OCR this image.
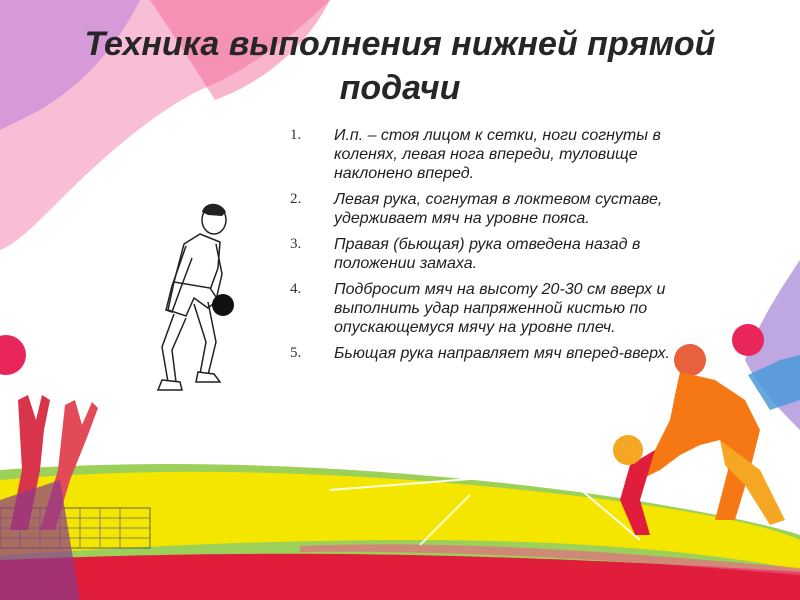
Техника выполнения нижней прямой подачи
1. И.п. – стоя лицом к сетки, ноги согнуты в коленях, левая нога впереди, туловище наклонено вперед.
2. Левая рука, согнутая в локтевом суставе, удерживает мяч на уровне пояса.
3. Правая (бьющая) рука отведена назад в положении замаха.
4. Подбросит мяч на высоту 20-30 см вверх и выполнить удар напряженной кистью по опускающемуся мячу на уровне плеч.
5. Бьющая рука направляет мяч вперед-вверх.
